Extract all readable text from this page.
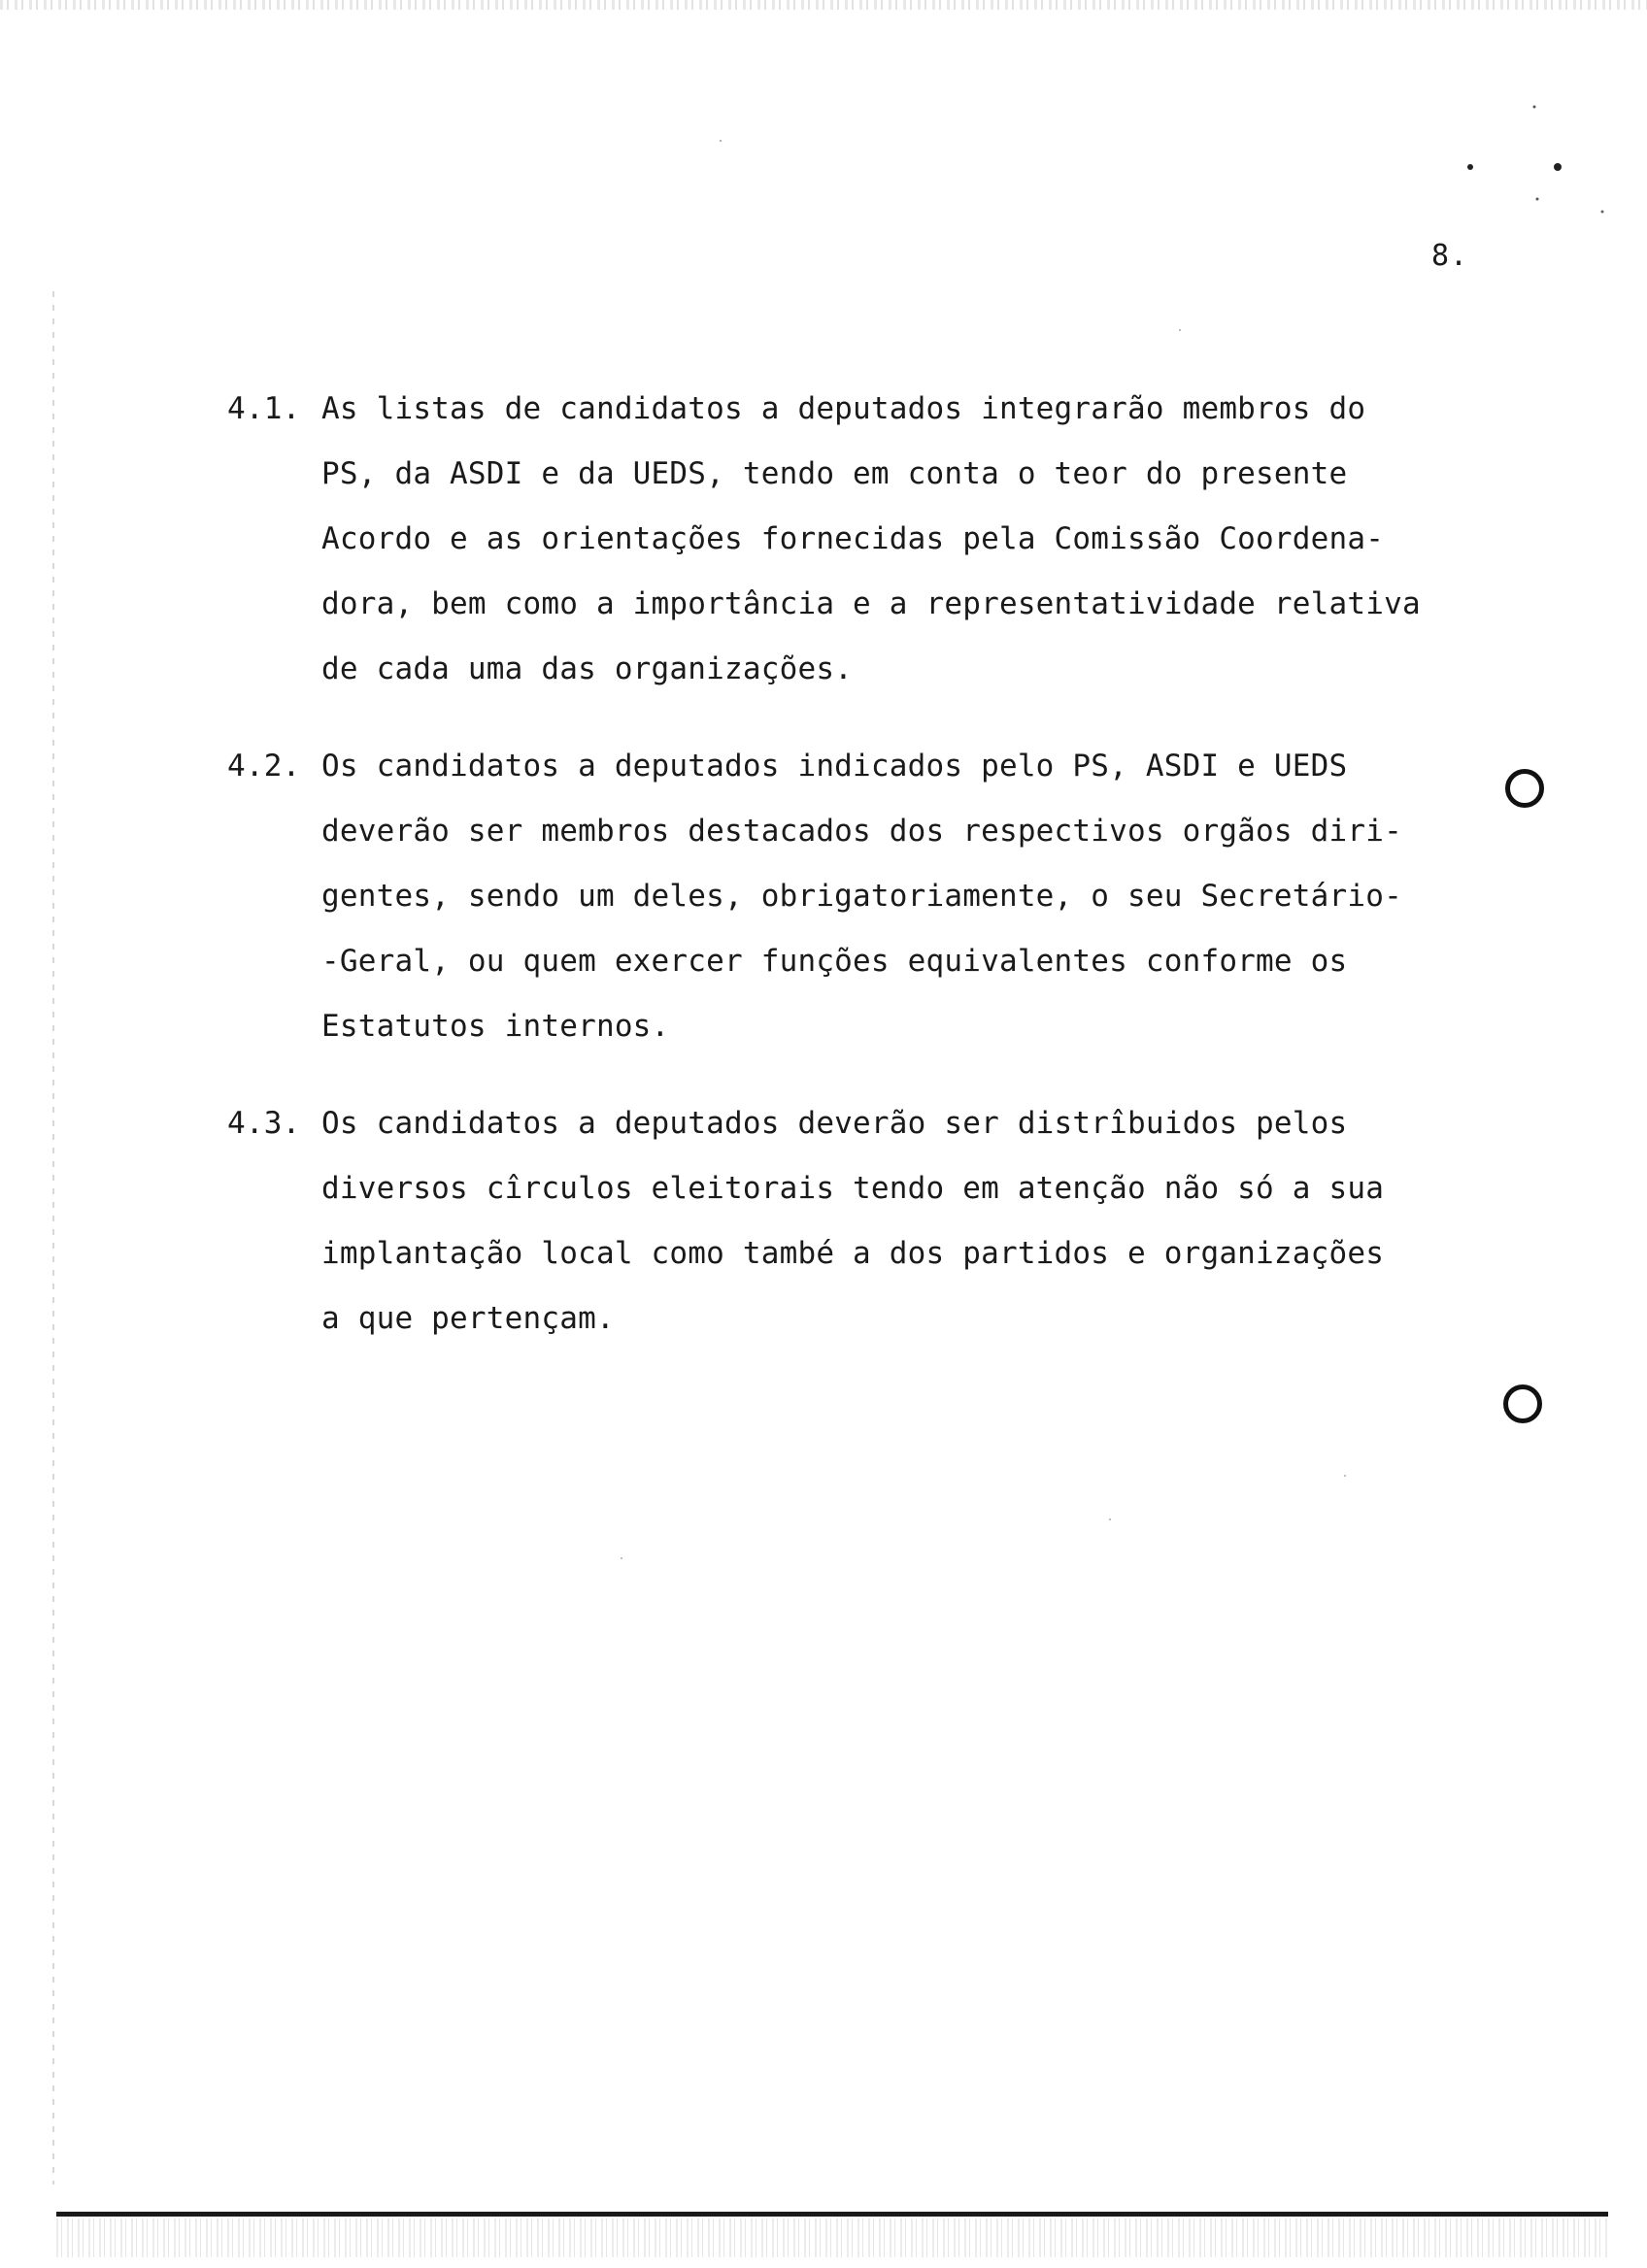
8.
4.1. As listas de candidatos a deputados integrarão membros do
PS, da ASDI e da UEDS, tendo em conta o teor do presente
Acordo e as orientações fornecidas pela Comissão Coordena-
dora, bem como a importância e a representatividade relativa
de cada uma das organizações.
4.2. Os candidatos a deputados indicados pelo PS, ASDI e UEDS
deverão ser membros destacados dos respectivos orgãos diri-
gentes, sendo um deles, obrigatoriamente, o seu Secretário-
-Geral, ou quem exercer funções equivalentes conforme os
Estatutos internos.
4.3. Os candidatos a deputados deverão ser distrîbuidos pelos
diversos cîrculos eleitorais tendo em atenção não só a sua
implantação local como també a dos partidos e organizações
a que pertençam.
